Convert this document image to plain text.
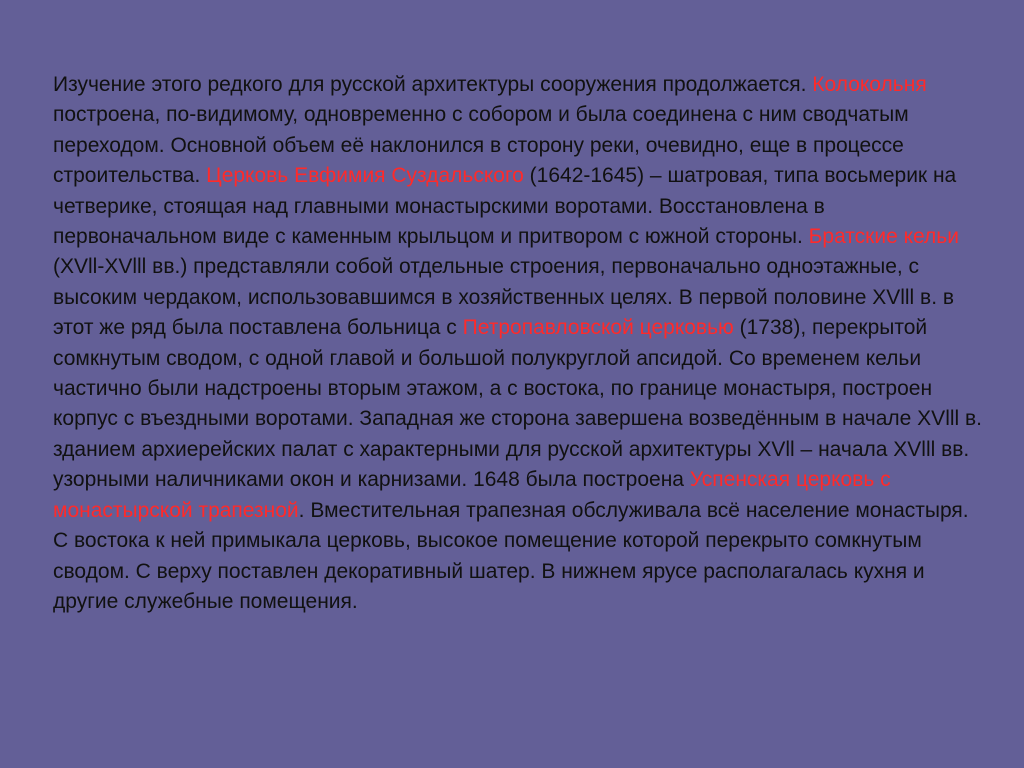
Изучение этого редкого для русской архитектуры сооружения продолжается. Колокольня построена, по-видимому, одновременно с собором и была соединена с ним сводчатым переходом. Основной объем её наклонился в сторону реки, очевидно, еще в процессе строительства. Церковь Евфимия Суздальского (1642-1645) – шатровая, типа восьмерик на четверике, стоящая над главными монастырскими воротами. Восстановлена в первоначальном виде с каменным крыльцом и притвором с южной стороны. Братские кельи (XVll-XVlll вв.) представляли собой отдельные строения, первоначально одноэтажные, с высоким чердаком, использовавшимся в хозяйственных целях. В первой половине XVlll в. в этот же ряд была поставлена больница с Петропавловской церковью (1738), перекрытой сомкнутым сводом, с одной главой и большой полукруглой апсидой. Со временем кельи частично были надстроены вторым этажом, а с востока, по границе монастыря, построен корпус с въездными воротами. Западная же сторона завершена возведённым в начале XVlll в. зданием архиерейских палат с характерными для русской архитектуры XVll – начала XVlll вв. узорными наличниками окон и карнизами. 1648 была построена Успенская церковь с монастырской трапезной. Вместительная трапезная обслуживала всё население монастыря. С востока к ней примыкала церковь, высокое помещение которой перекрыто сомкнутым сводом. С верху поставлен декоративный шатер. В нижнем ярусе располагалась кухня и другие служебные помещения.
